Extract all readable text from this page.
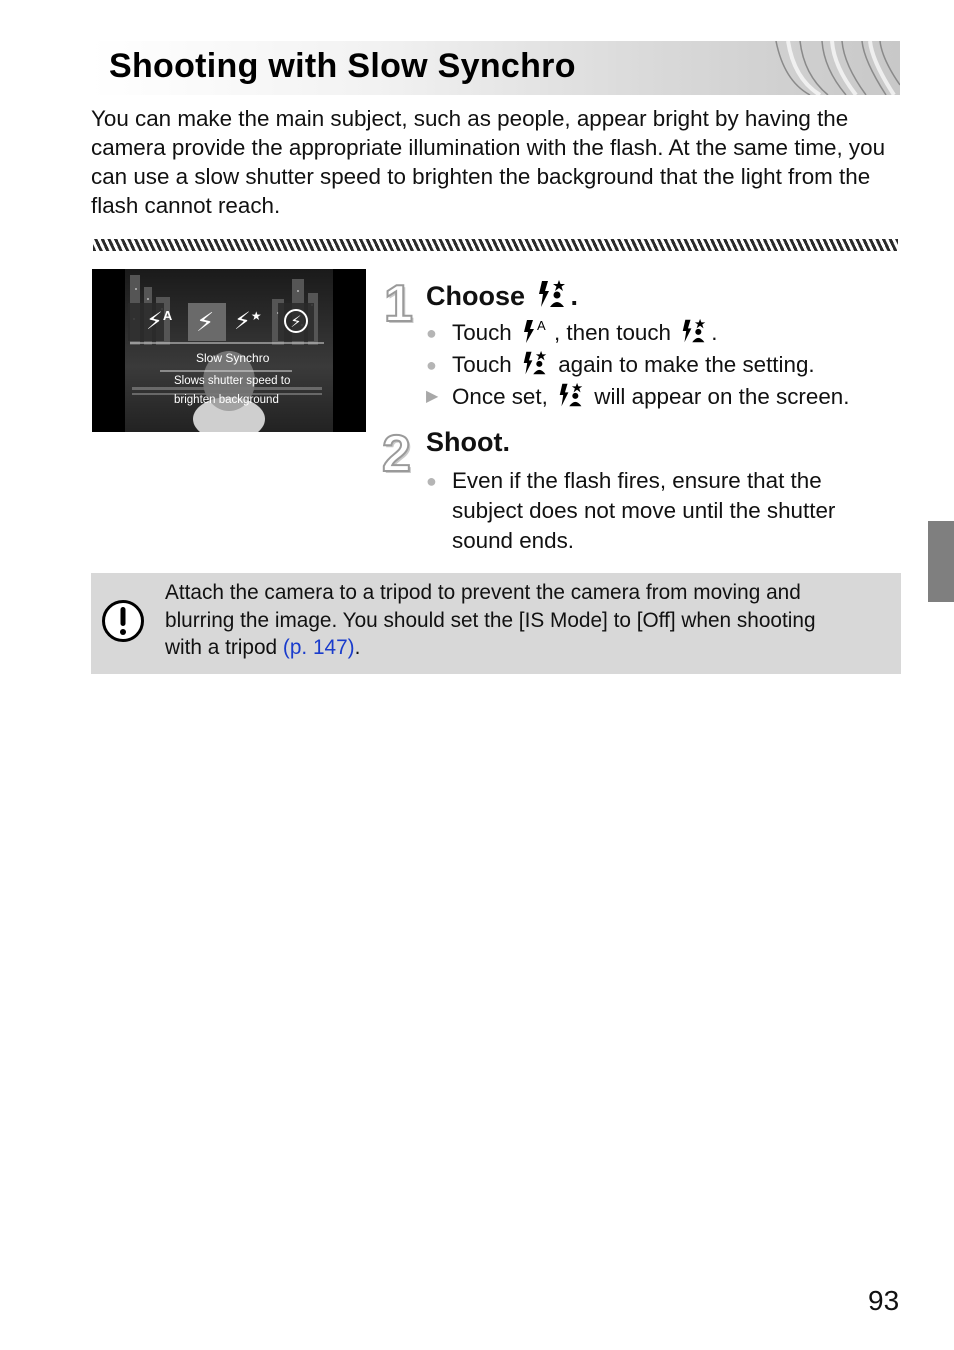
Shooting with Slow Synchro

You can make the main subject, such as people, appear bright by having the camera provide the appropriate illumination with the flash. At the same time, you can use a slow shutter speed to brighten the background that the light from the flash cannot reach.

⚡$^A$ ⚡ ⚡★	⚡
Slow Synchro
Slows shutter speed to
brighten background
1 Choose .
● Touch A , then touch .
● Touch again to make the setting.
▶ Once set, will appear on the screen.
2 Shoot.
● Even if the flash fires, ensure that the
subject does not move until the shutter
sound ends.

Attach the camera to a tripod to prevent the camera from moving and
blurring the image. You should set the [IS Mode] to [Off] when shooting
with a tripod (p. 147).

93
